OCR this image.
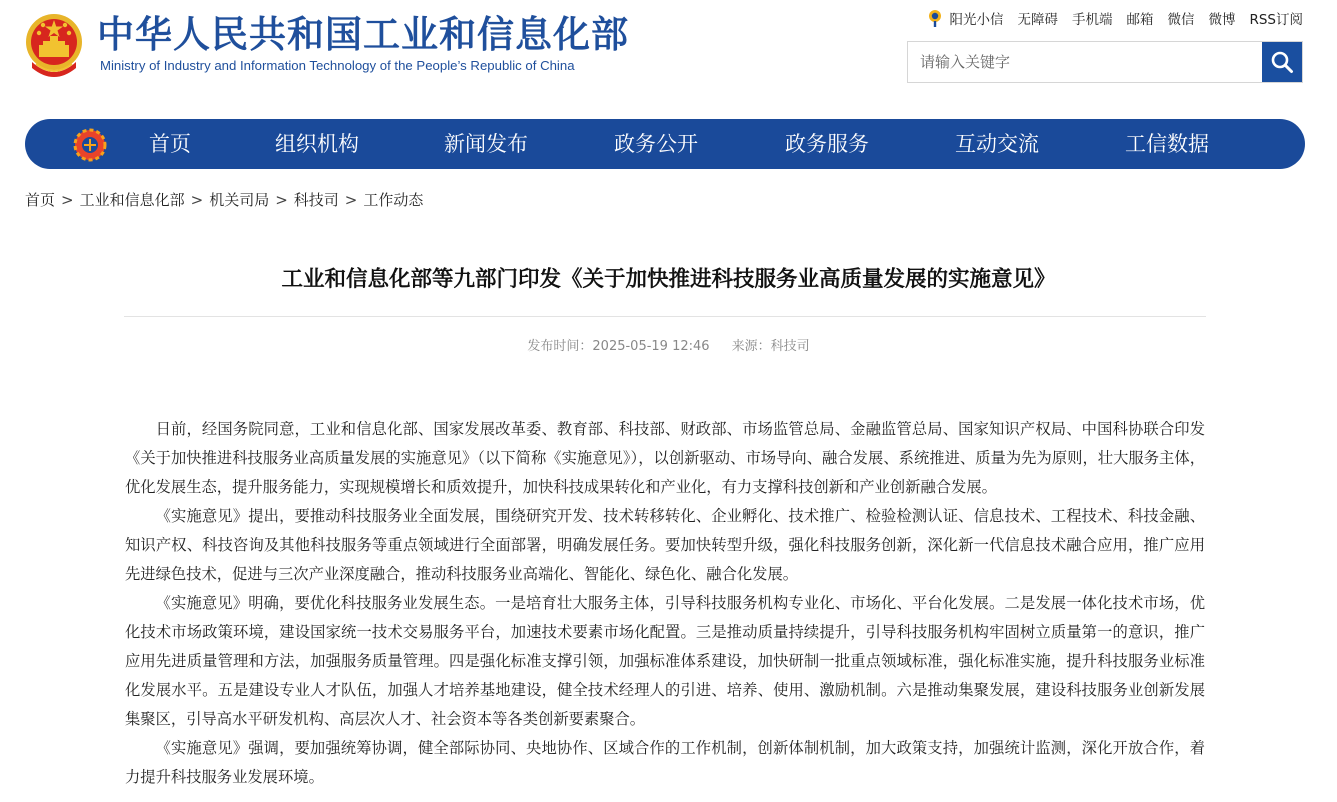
中华人民共和国工业和信息化部
Ministry of Industry and Information Technology of the People’s Republic of China
阳光小信 无障碍 手机端 邮箱 微信 微博 RSS订阅
请输入关键字
首页	组织机构	新闻发布	政务公开	政务服务	互动交流	工信数据
首页 > 工业和信息化部 > 机关司局 > 科技司 > 工作动态
工业和信息化部等九部门印发《关于加快推进科技服务业高质量发展的实施意见》
发布时间：2025-05-19 12:46 来源：科技司

日前，经国务院同意，工业和信息化部、国家发展改革委、教育部、科技部、财政部、市场监管总局、金融监管总局、国家知识产权局、中国科协联合印发《关于加快推进科技服务业高质量发展的实施意见》（以下简称《实施意见》），以创新驱动、市场导向、融合发展、系统推进、质量为先为原则，壮大服务主体，优化发展生态，提升服务能力，实现规模增长和质效提升，加快科技成果转化和产业化，有力支撑科技创新和产业创新融合发展。

《实施意见》提出，要推动科技服务业全面发展，围绕研究开发、技术转移转化、企业孵化、技术推广、检验检测认证、信息技术、工程技术、科技金融、知识产权、科技咨询及其他科技服务等重点领域进行全面部署，明确发展任务。要加快转型升级，强化科技服务创新，深化新一代信息技术融合应用，推广应用先进绿色技术，促进与三次产业深度融合，推动科技服务业高端化、智能化、绿色化、融合化发展。

《实施意见》明确，要优化科技服务业发展生态。一是培育壮大服务主体，引导科技服务机构专业化、市场化、平台化发展。二是发展一体化技术市场，优化技术市场政策环境，建设国家统一技术交易服务平台，加速技术要素市场化配置。三是推动质量持续提升，引导科技服务机构牢固树立质量第一的意识，推广应用先进质量管理和方法，加强服务质量管理。四是强化标准支撑引领，加强标准体系建设，加快研制一批重点领域标准，强化标准实施，提升科技服务业标准化发展水平。五是建设专业人才队伍，加强人才培养基地建设，健全技术经理人的引进、培养、使用、激励机制。六是推动集聚发展，建设科技服务业创新发展集聚区，引导高水平研发机构、高层次人才、社会资本等各类创新要素聚合。

《实施意见》强调，要加强统筹协调，健全部际协同、央地协作、区域合作的工作机制，创新体制机制，加大政策支持，加强统计监测，深化开放合作，着力提升科技服务业发展环境。
